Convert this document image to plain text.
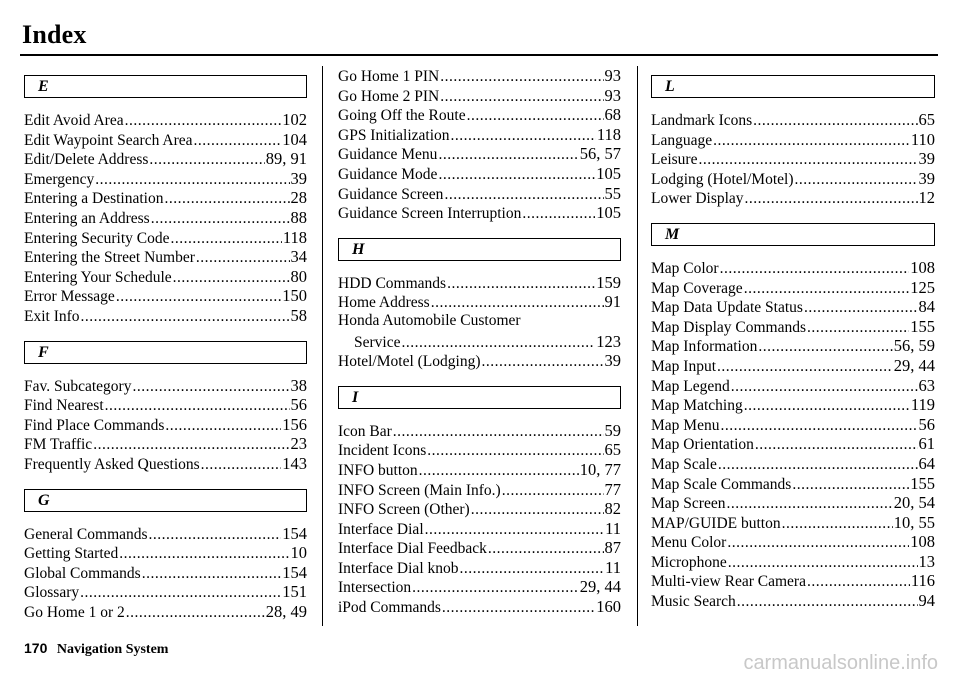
Index
E
Edit Avoid Area .....	102
Edit Waypoint Search Area .....	104
Edit/Delete Address .....	89, 91
Emergency .....	39
Entering a Destination .....	28
Entering an Address .....	88
Entering Security Code .....	118
Entering the Street Number .....	34
Entering Your Schedule .....	80
Error Message .....	150
Exit Info .....	58
F
Fav. Subcategory .....	38
Find Nearest .....	56
Find Place Commands .....	156
FM Traffic .....	23
Frequently Asked Questions .....	143
G
General Commands .....	154
Getting Started .....	10
Global Commands .....	154
Glossary .....	151
Go Home 1 or 2 .....	28, 49
Go Home 1 PIN .....	93
Go Home 2 PIN .....	93
Going Off the Route .....	68
GPS Initialization .....	118
Guidance Menu .....	56, 57
Guidance Mode .....	105
Guidance Screen .....	55
Guidance Screen Interruption .....	105
H
HDD Commands .....	159
Home Address .....	91
Honda Automobile Customer
Service .....	123
Hotel/Motel (Lodging) .....	39
I
Icon Bar .....	59
Incident Icons .....	65
INFO button .....	10, 77
INFO Screen (Main Info.) .....	77
INFO Screen (Other) .....	82
Interface Dial .....	11
Interface Dial Feedback .....	87
Interface Dial knob .....	11
Intersection .....	29, 44
iPod Commands .....	160
L
Landmark Icons .....	65
Language .....	110
Leisure .....	39
Lodging (Hotel/Motel) .....	39
Lower Display .....	12
M
Map Color .....	108
Map Coverage .....	125
Map Data Update Status .....	84
Map Display Commands .....	155
Map Information .....	56, 59
Map Input .....	29, 44
Map Legend .....	63
Map Matching .....	119
Map Menu .....	56
Map Orientation .....	61
Map Scale .....	64
Map Scale Commands .....	155
Map Screen .....	20, 54
MAP/GUIDE button .....	10, 55
Menu Color .....	108
Microphone .....	13
Multi-view Rear Camera .....	116
Music Search .....	94
170 Navigation System
carmanualsonline.info
